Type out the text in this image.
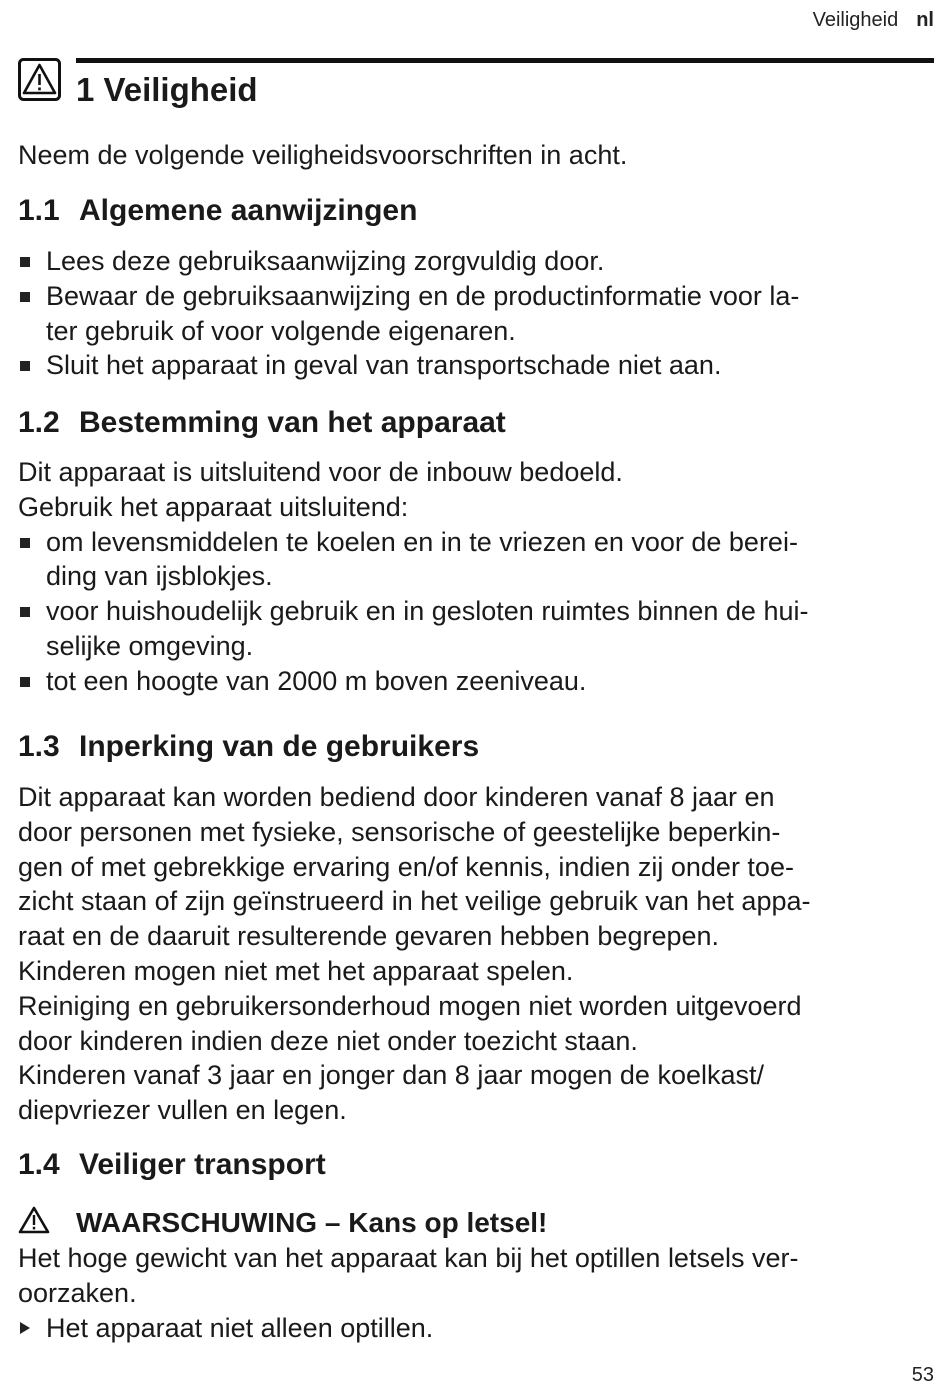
Veiligheid nl
1 Veiligheid
Neem de volgende veiligheidsvoorschriften in acht.
1.1 Algemene aanwijzingen
Lees deze gebruiksaanwijzing zorgvuldig door.
Bewaar de gebruiksaanwijzing en de productinformatie voor la-
ter gebruik of voor volgende eigenaren.
Sluit het apparaat in geval van transportschade niet aan.
1.2 Bestemming van het apparaat
Dit apparaat is uitsluitend voor de inbouw bedoeld.
Gebruik het apparaat uitsluitend:
om levensmiddelen te koelen en in te vriezen en voor de berei-
ding van ijsblokjes.
voor huishoudelijk gebruik en in gesloten ruimtes binnen de hui-
selijke omgeving.
tot een hoogte van 2000 m boven zeeniveau.
1.3 Inperking van de gebruikers
Dit apparaat kan worden bediend door kinderen vanaf 8 jaar en
door personen met fysieke, sensorische of geestelijke beperkin-
gen of met gebrekkige ervaring en/of kennis, indien zij onder toe-
zicht staan of zijn geïnstrueerd in het veilige gebruik van het appa-
raat en de daaruit resulterende gevaren hebben begrepen.
Kinderen mogen niet met het apparaat spelen.
Reiniging en gebruikersonderhoud mogen niet worden uitgevoerd
door kinderen indien deze niet onder toezicht staan.
Kinderen vanaf 3 jaar en jonger dan 8 jaar mogen de koelkast/
diepvriezer vullen en legen.
1.4 Veiliger transport
WAARSCHUWING – Kans op letsel!
Het hoge gewicht van het apparaat kan bij het optillen letsels ver-
oorzaken.
Het apparaat niet alleen optillen.
53
